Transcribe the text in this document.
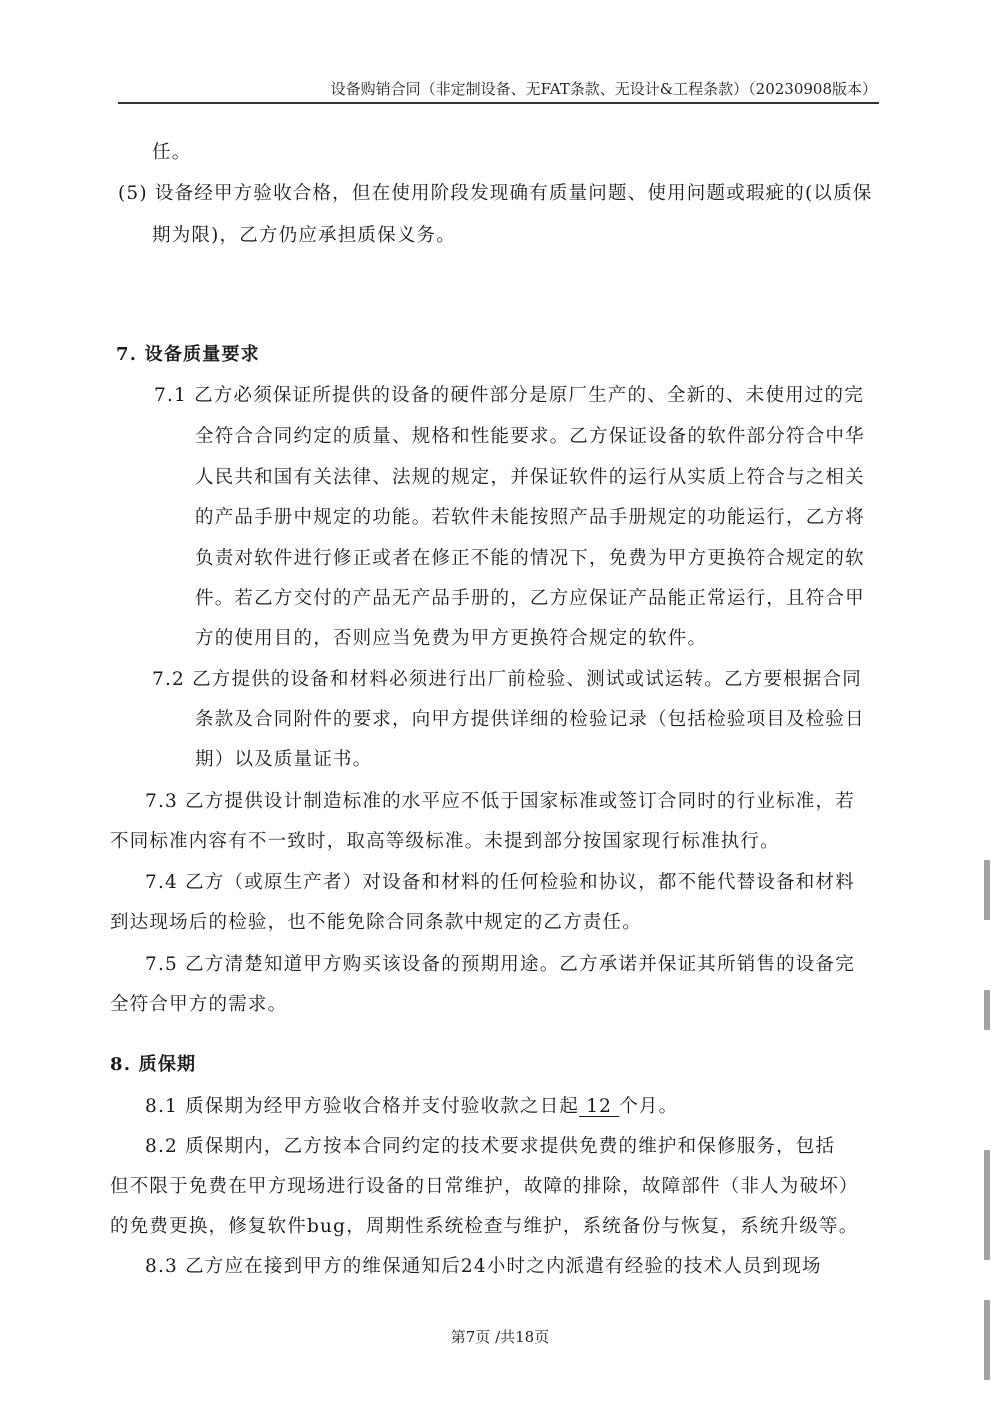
设备购销合同（非定制设备、无FAT条款、无设计&工程条款）（20230908版本）
任。
(5) 设备经甲方验收合格，但在使用阶段发现确有质量问题、使用问题或瑕疵的(以质保
期为限)，乙方仍应承担质保义务。
7. 设备质量要求
7.1 乙方必须保证所提供的设备的硬件部分是原厂生产的、全新的、未使用过的完
全符合合同约定的质量、规格和性能要求。乙方保证设备的软件部分符合中华
人民共和国有关法律、法规的规定，并保证软件的运行从实质上符合与之相关
的产品手册中规定的功能。若软件未能按照产品手册规定的功能运行，乙方将
负责对软件进行修正或者在修正不能的情况下，免费为甲方更换符合规定的软
件。若乙方交付的产品无产品手册的，乙方应保证产品能正常运行，且符合甲
方的使用目的，否则应当免费为甲方更换符合规定的软件。
7.2 乙方提供的设备和材料必须进行出厂前检验、测试或试运转。乙方要根据合同
条款及合同附件的要求，向甲方提供详细的检验记录（包括检验项目及检验日
期）以及质量证书。
7.3 乙方提供设计制造标准的水平应不低于国家标准或签订合同时的行业标准，若
不同标准内容有不一致时，取高等级标准。未提到部分按国家现行标准执行。
7.4 乙方（或原生产者）对设备和材料的任何检验和协议，都不能代替设备和材料
到达现场后的检验，也不能免除合同条款中规定的乙方责任。
7.5 乙方清楚知道甲方购买该设备的预期用途。乙方承诺并保证其所销售的设备完
全符合甲方的需求。
8. 质保期
8.1 质保期为经甲方验收合格并支付验收款之日起 12 个月。
8.2 质保期内，乙方按本合同约定的技术要求提供免费的维护和保修服务，包括
但不限于免费在甲方现场进行设备的日常维护，故障的排除，故障部件（非人为破坏）
的免费更换，修复软件bug，周期性系统检查与维护，系统备份与恢复，系统升级等。
8.3 乙方应在接到甲方的维保通知后24小时之内派遣有经验的技术人员到现场
第7页 /共18页
